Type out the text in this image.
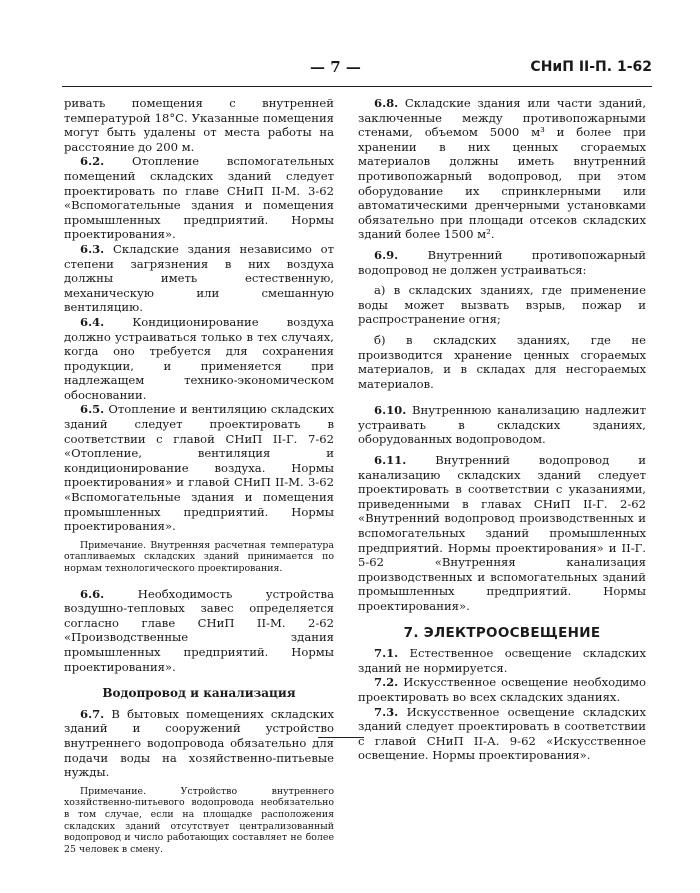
— 7 —	СНиП II-П. 1-62

ривать помещения с внутренней температурой 18°С. Указанные помещения могут быть удалены от места работы на расстояние до 200 м.

6.2. Отопление вспомогательных помещений складских зданий следует проектировать по главе СНиП II-М. 3-62 «Вспомогательные здания и помещения промышленных предприятий. Нормы проектирования».

6.3. Складские здания независимо от степени загрязнения в них воздуха должны иметь естественную, механическую или смешанную вентиляцию.

6.4. Кондиционирование воздуха должно устраиваться только в тех случаях, когда оно требуется для сохранения продукции, и применяется при надлежащем технико-экономическом обосновании.

6.5. Отопление и вентиляцию складских зданий следует проектировать в соответствии с главой СНиП II-Г. 7-62 «Отопление, вентиляция и кондиционирование воздуха. Нормы проектирования» и главой СНиП II-М. 3-62 «Вспомогательные здания и помещения промышленных предприятий. Нормы проектирования».

Примечание. Внутренняя расчетная температура отапливаемых складских зданий принимается по нормам технологического проектирования.

6.6. Необходимость устройства воздушно-тепловых завес определяется согласно главе СНиП II-М. 2-62 «Производственные здания промышленных предприятий. Нормы проектирования».

Водопровод и канализация

6.7. В бытовых помещениях складских зданий и сооружений устройство внутреннего водопровода обязательно для подачи воды на хозяйственно-питьевые нужды.

Примечание. Устройство внутреннего хозяйственно-питьевого водопровода необязательно в том случае, если на площадке расположения складских зданий отсутствует централизованный водопровод и число работающих составляет не более 25 человек в смену.

6.8. Складские здания или части зданий, заключенные между противопожарными стенами, объемом 5000 м³ и более при хранении в них ценных сгораемых материалов должны иметь внутренний противопожарный водопровод, при этом оборудование их спринклерными или автоматическими дренчерными установками обязательно при площади отсеков складских зданий более 1500 м².

6.9. Внутренний противопожарный водопровод не должен устраиваться:

а) в складских зданиях, где применение воды может вызвать взрыв, пожар и распространение огня;

б) в складских зданиях, где не производится хранение ценных сгораемых материалов, и в складах для несгораемых материалов.

6.10. Внутреннюю канализацию надлежит устраивать в складских зданиях, оборудованных водопроводом.

6.11. Внутренний водопровод и канализацию складских зданий следует проектировать в соответствии с указаниями, приведенными в главах СНиП II-Г. 2-62 «Внутренний водопровод производственных и вспомогательных зданий промышленных предприятий. Нормы проектирования» и II-Г. 5-62 «Внутренняя канализация производственных и вспомогательных зданий промышленных предприятий. Нормы проектирования».

7. ЭЛЕКТРООСВЕЩЕНИЕ

7.1. Естественное освещение складских зданий не нормируется.

7.2. Искусственное освещение необходимо проектировать во всех складских зданиях.

7.3. Искусственное освещение складских зданий следует проектировать в соответствии с главой СНиП II-А. 9-62 «Искусственное освещение. Нормы проектирования».
